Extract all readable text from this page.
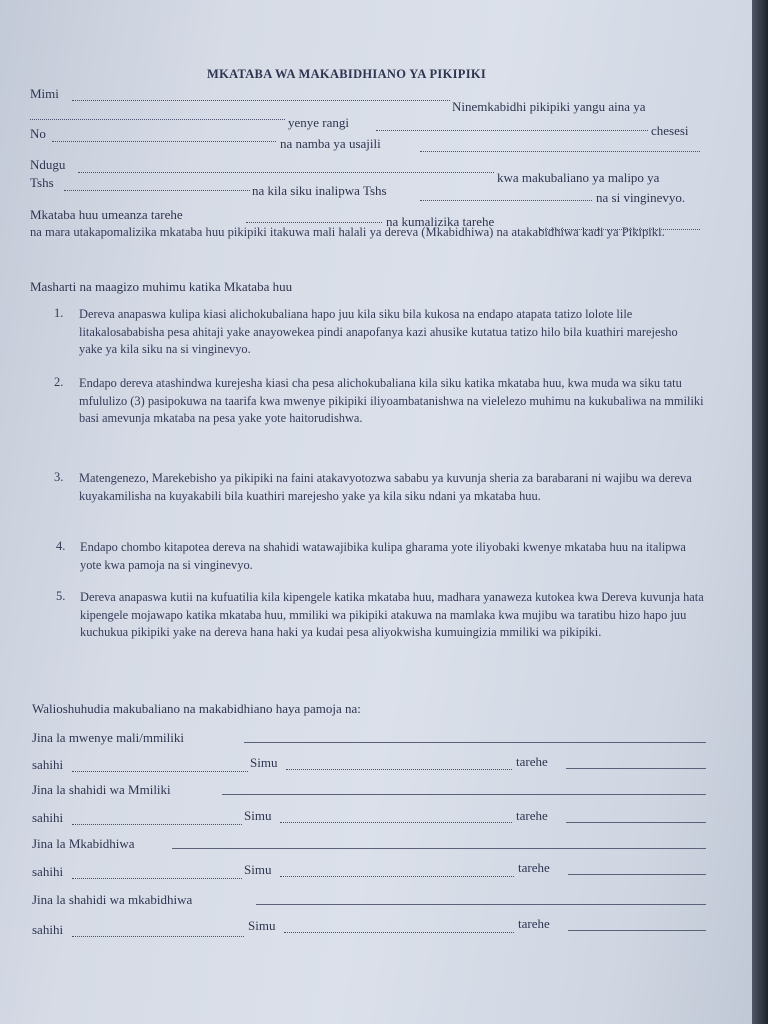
MKATABA WA MAKABIDHIANO YA PIKIPIKI
Mimi
Ninemkabidhi pikipiki yangu aina ya
yenye rangi
chesesi
No
na namba ya usajili
Ndugu
kwa makubaliano ya malipo ya
Tshs
na kila siku inalipwa Tshs	na si vinginevyo.
Mkataba huu umeanza tarehe	na kumalizika tarehe
na mara utakapomalizika mkataba huu pikipiki itakuwa mali halali ya dereva (Mkabidhiwa) na atakabidhiwa kadi ya Pikipiki.
Masharti na maagizo muhimu katika Mkataba huu
1. Dereva anapaswa kulipa kiasi alichokubaliana hapo juu kila siku bila kukosa na endapo atapata tatizo lolote lile litakalosababisha pesa ahitaji yake anayowekea pindi anapofanya kazi ahusike kutatua tatizo hilo bila kuathiri marejesho yake ya kila siku na si vinginevyo.
2. Endapo dereva atashindwa kurejesha kiasi cha pesa alichokubaliana kila siku katika mkataba huu, kwa muda wa siku tatu mfululizo (3) pasipokuwa na taarifa kwa mwenye pikipiki iliyoambatanishwa na vielelezo muhimu na kukubaliwa na mmiliki basi amevunja mkataba na pesa yake yote haitorudishwa.
3. Matengenezo, Marekebisho ya pikipiki na faini atakavyotozwa sababu ya kuvunja sheria za barabarani ni wajibu wa dereva kuyakamilisha na kuyakabili bila kuathiri marejesho yake ya kila siku ndani ya mkataba huu.
4. Endapo chombo kitapotea dereva na shahidi watawajibika kulipa gharama yote iliyobaki kwenye mkataba huu na italipwa yote kwa pamoja na si vinginevyo.
5. Dereva anapaswa kutii na kufuatilia kila kipengele katika mkataba huu, madhara yanaweza kutokea kwa Dereva kuvunja hata kipengele mojawapo katika mkataba huu, mmiliki wa pikipiki atakuwa na mamlaka kwa mujibu wa taratibu hizo hapo juu kuchukua pikipiki yake na dereva hana haki ya kudai pesa aliyokwisha kumuingizia mmiliki wa pikipiki.
Walioshuhudia makubaliano na makabidhiano haya pamoja na:
Jina la mwenye mali/mmiliki
sahihi	Simu	tarehe
Jina la shahidi wa Mmiliki
sahihi	Simu	tarehe
Jina la Mkabidhiwa
sahihi	Simu	tarehe
Jina la shahidi wa mkabidhiwa
sahihi	Simu	tarehe
